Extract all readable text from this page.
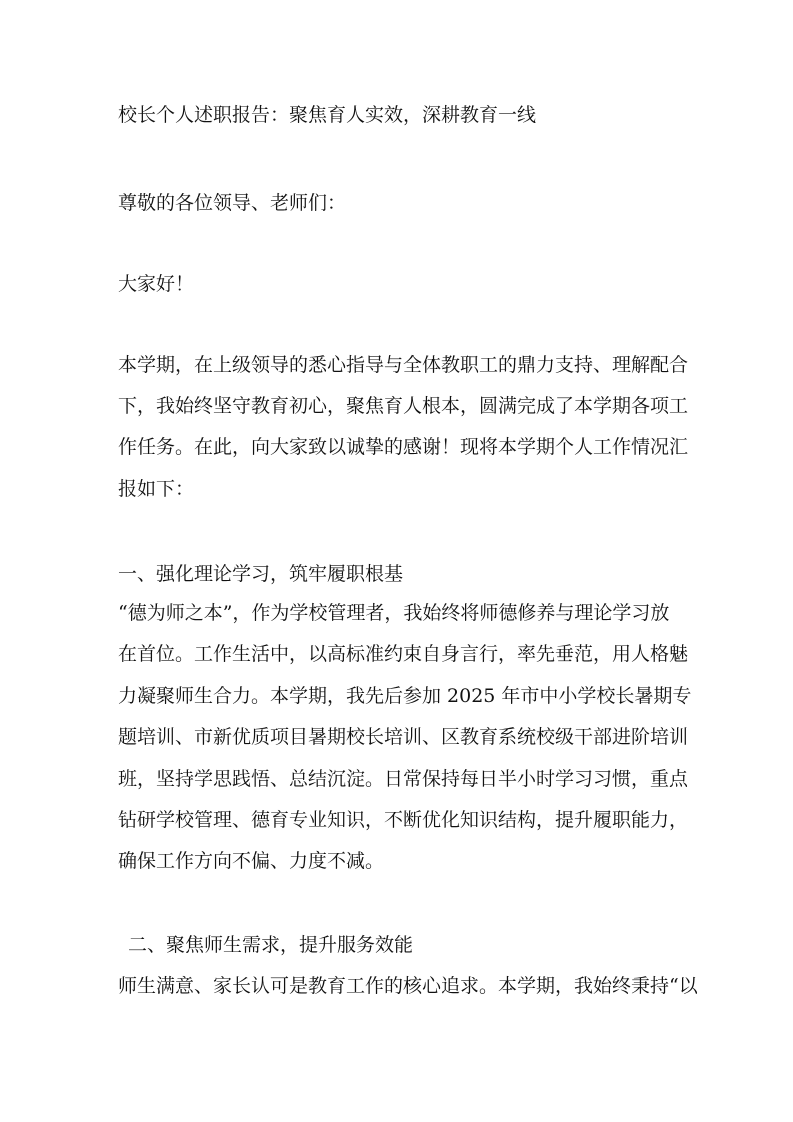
校长个人述职报告：聚焦育人实效，深耕教育一线
尊敬的各位领导、老师们：
大家好！
本学期，在上级领导的悉心指导与全体教职工的鼎力支持、理解配合
下，我始终坚守教育初心，聚焦育人根本，圆满完成了本学期各项工
作任务。在此，向大家致以诚挚的感谢！现将本学期个人工作情况汇
报如下：
一、强化理论学习，筑牢履职根基
“德为师之本”，作为学校管理者，我始终将师德修养与理论学习放
在首位。工作生活中，以高标准约束自身言行，率先垂范，用人格魅
力凝聚师生合力。本学期，我先后参加 2025 年市中小学校长暑期专
题培训、市新优质项目暑期校长培训、区教育系统校级干部进阶培训
班，坚持学思践悟、总结沉淀。日常保持每日半小时学习习惯，重点
钻研学校管理、德育专业知识，不断优化知识结构，提升履职能力，
确保工作方向不偏、力度不减。
二、聚焦师生需求，提升服务效能
师生满意、家长认可是教育工作的核心追求。本学期，我始终秉持“以
